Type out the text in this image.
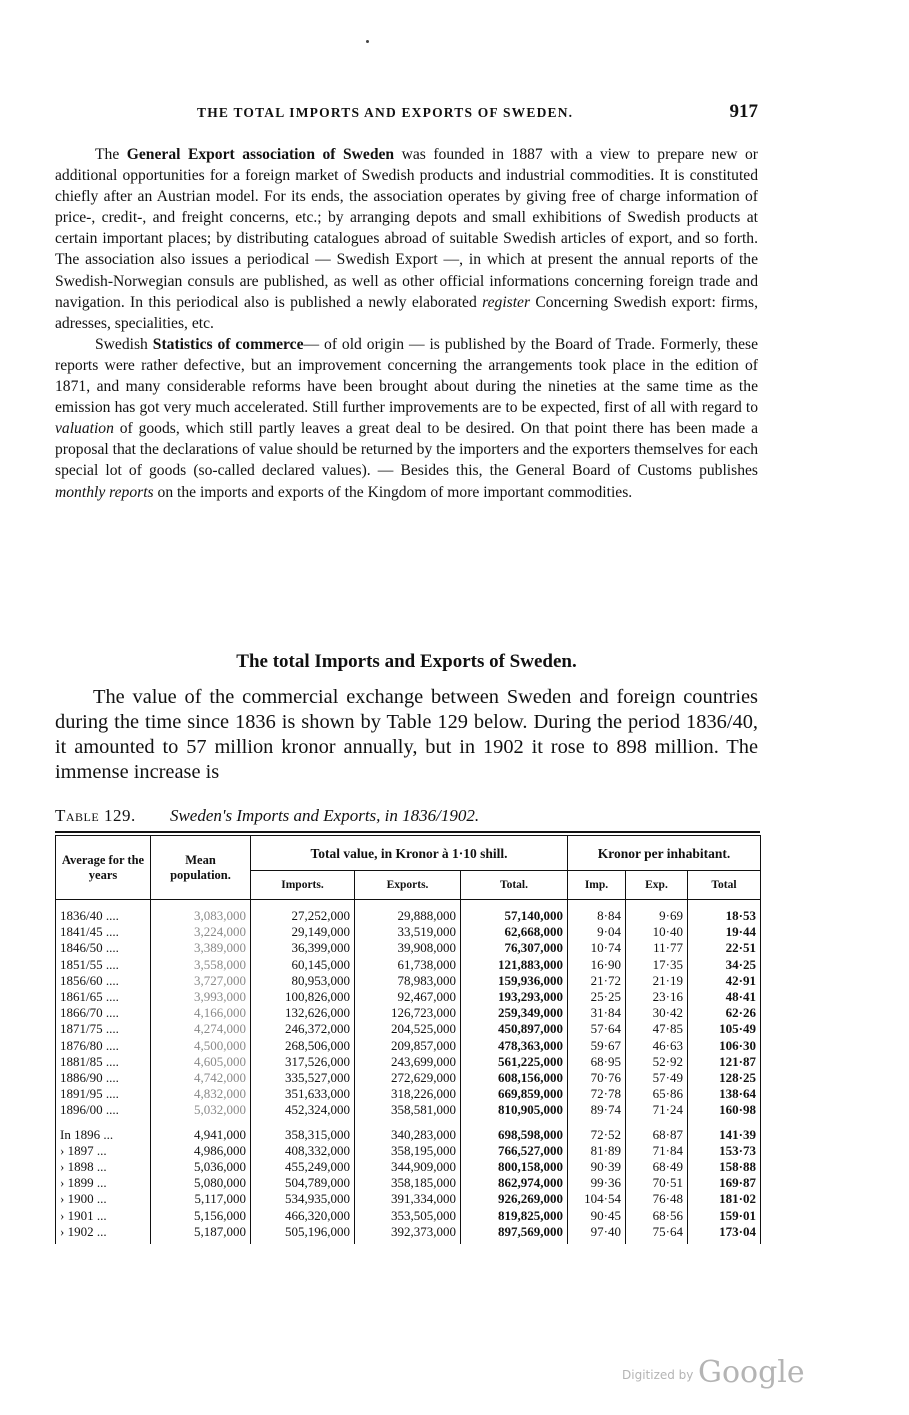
THE TOTAL IMPORTS AND EXPORTS OF SWEDEN.	917

The General Export association of Sweden was founded in 1887 with a view to prepare new or additional opportunities for a foreign market of Swedish products and industrial commodities. It is constituted chiefly after an Austrian model. For its ends, the association operates by giving free of charge information of price-, credit-, and freight concerns, etc.; by arranging depots and small exhibitions of Swedish products at certain important places; by distributing catalogues abroad of suitable Swedish articles of export, and so forth. The association also issues a periodical — Swedish Export —, in which at present the annual reports of the Swedish-Norwegian consuls are published, as well as other official informations concerning foreign trade and navigation. In this periodical also is published a newly elaborated register Concerning Swedish export: firms, adresses, specialities, etc.

Swedish Statistics of commerce— of old origin — is published by the Board of Trade. Formerly, these reports were rather defective, but an improvement concerning the arrangements took place in the edition of 1871, and many considerable reforms have been brought about during the nineties at the same time as the emission has got very much accelerated. Still further improvements are to be expected, first of all with regard to valuation of goods, which still partly leaves a great deal to be desired. On that point there has been made a proposal that the declarations of value should be returned by the importers and the exporters themselves for each special lot of goods (so-called declared values). — Besides this, the General Board of Customs publishes monthly reports on the imports and exports of the Kingdom of more important commodities.

The total Imports and Exports of Sweden.

The value of the commercial exchange between Sweden and foreign countries during the time since 1836 is shown by Table 129 below. During the period 1836/40, it amounted to 57 million kronor annually, but in 1902 it rose to 898 million. The immense increase is

Table 129. Sweden's Imports and Exports, in 1836/1902.
Average for the years	Mean population.	Total value, in Kronor à 1·10 shill.			Kronor per inhabitant.		
		Imports.	Exports.	Total.	Imp.	Exp.	Total
1836/40 ....	3,083,000	27,252,000	29,888,000	57,140,000	8·84	9·69	18·53
1841/45 ....	3,224,000	29,149,000	33,519,000	62,668,000	9·04	10·40	19·44
1846/50 ....	3,389,000	36,399,000	39,908,000	76,307,000	10·74	11·77	22·51
1851/55 ....	3,558,000	60,145,000	61,738,000	121,883,000	16·90	17·35	34·25
1856/60 ....	3,727,000	80,953,000	78,983,000	159,936,000	21·72	21·19	42·91
1861/65 ....	3,993,000	100,826,000	92,467,000	193,293,000	25·25	23·16	48·41
1866/70 ....	4,166,000	132,626,000	126,723,000	259,349,000	31·84	30·42	62·26
1871/75 ....	4,274,000	246,372,000	204,525,000	450,897,000	57·64	47·85	105·49
1876/80 ....	4,500,000	268,506,000	209,857,000	478,363,000	59·67	46·63	106·30
1881/85 ....	4,605,000	317,526,000	243,699,000	561,225,000	68·95	52·92	121·87
1886/90 ....	4,742,000	335,527,000	272,629,000	608,156,000	70·76	57·49	128·25
1891/95 ....	4,832,000	351,633,000	318,226,000	669,859,000	72·78	65·86	138·64
1896/00 ....	5,032,000	452,324,000	358,581,000	810,905,000	89·74	71·24	160·98
In 1896 ...	4,941,000	358,315,000	340,283,000	698,598,000	72·52	68·87	141·39
› 1897 ...	4,986,000	408,332,000	358,195,000	766,527,000	81·89	71·84	153·73
› 1898 ...	5,036,000	455,249,000	344,909,000	800,158,000	90·39	68·49	158·88
› 1899 ...	5,080,000	504,789,000	358,185,000	862,974,000	99·36	70·51	169·87
› 1900 ...	5,117,000	534,935,000	391,334,000	926,269,000	104·54	76·48	181·02
› 1901 ...	5,156,000	466,320,000	353,505,000	819,825,000	90·45	68·56	159·01
› 1902 ...	5,187,000	505,196,000	392,373,000	897,569,000	97·40	75·64	173·04
Digitized by Google
